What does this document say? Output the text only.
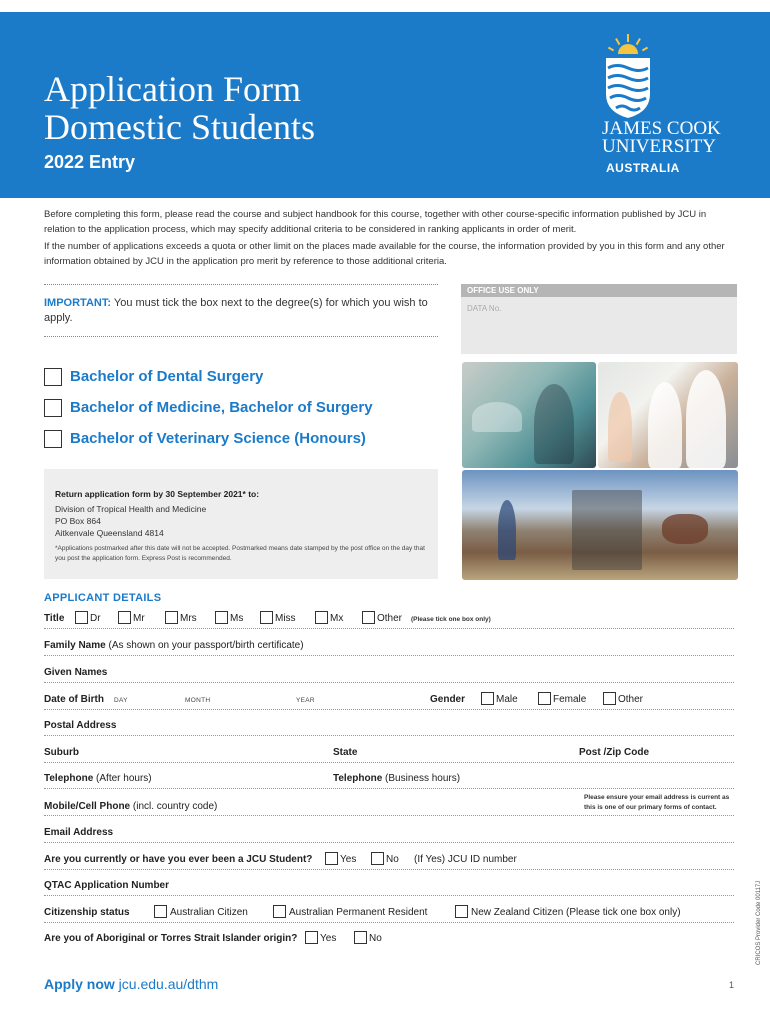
Application Form
Domestic Students
2022 Entry
JAMES COOK
UNIVERSITY
AUSTRALIA
Before completing this form, please read the course and subject handbook for this course, together with other course-specific information published by JCU in relation to the application process, which may specify additional criteria to be considered in ranking applicants in order of merit.
If the number of applications exceeds a quota or other limit on the places made available for the course, the information provided by you in this form and any other information obtained by JCU in the application pro merit by reference to those additional criteria.
IMPORTANT: You must tick the box next to the degree(s) for which you wish to apply.
OFFICE USE ONLY
DATA No.
Bachelor of Dental Surgery
Bachelor of Medicine, Bachelor of Surgery
Bachelor of Veterinary Science (Honours)
Return application form by 30 September 2021* to:
Division of Tropical Health and Medicine
PO Box 864
Aitkenvale Queensland 4814
*Applications postmarked after this date will not be accepted. Postmarked means date stamped by the post office on the day that you post the application form. Express Post is recommended.
APPLICANT DETAILS
Title	Dr	Mr	Mrs	Ms	Miss	Mx	Other (Please tick one box only)
Family Name (As shown on your passport/birth certificate)
Given Names
Date of Birth DAY	MONTH	YEAR	Gender	Male	Female	Other
Postal Address
Suburb	State	Post /Zip Code
Telephone (After hours)	Telephone (Business hours)
Mobile/Cell Phone (incl. country code)
Please ensure your email address is current as
this is one of our primary forms of contact.
Email Address
Are you currently or have you ever been a JCU Student?	Yes	No (If Yes) JCU ID number
QTAC Application Number
Citizenship status	Australian Citizen	Australian Permanent Resident	New Zealand Citizen (Please tick one box only)
Are you of Aboriginal or Torres Strait Islander origin? Yes	No
Apply now jcu.edu.au/dthm	1
CRICOS Provider Code 00117J
